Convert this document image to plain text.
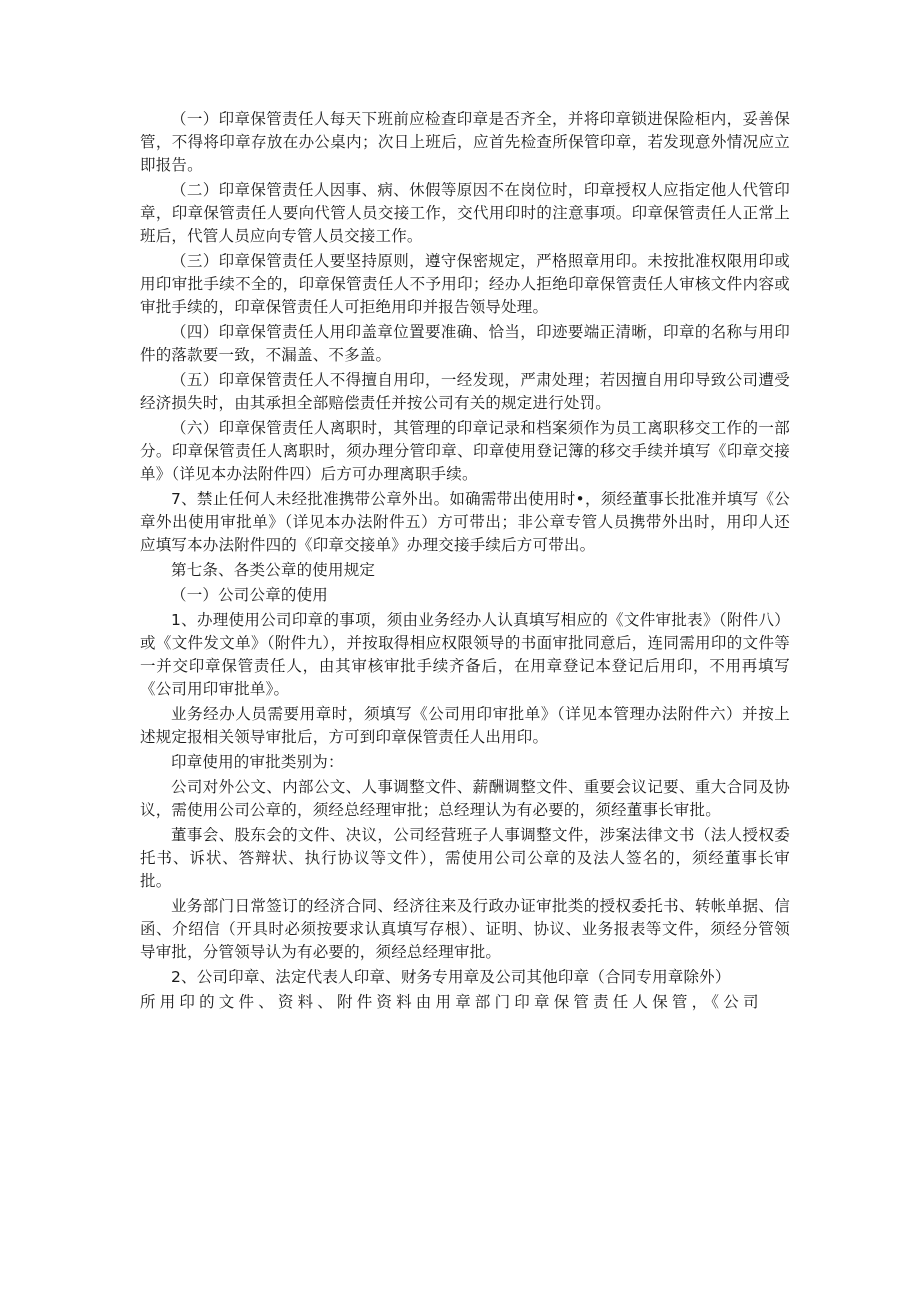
（一）印章保管责任人每天下班前应检查印章是否齐全，并将印章锁进保险柜内，妥善保管，不得将印章存放在办公桌内；次日上班后，应首先检查所保管印章，若发现意外情况应立即报告。

（二）印章保管责任人因事、病、休假等原因不在岗位时，印章授权人应指定他人代管印章，印章保管责任人要向代管人员交接工作，交代用印时的注意事项。印章保管责任人正常上班后，代管人员应向专管人员交接工作。

（三）印章保管责任人要坚持原则，遵守保密规定，严格照章用印。未按批准权限用印或用印审批手续不全的，印章保管责任人不予用印；经办人拒绝印章保管责任人审核文件内容或审批手续的，印章保管责任人可拒绝用印并报告领导处理。

（四）印章保管责任人用印盖章位置要准确、恰当，印迹要端正清晰，印章的名称与用印件的落款要一致，不漏盖、不多盖。

（五）印章保管责任人不得擅自用印，一经发现，严肃处理；若因擅自用印导致公司遭受经济损失时，由其承担全部赔偿责任并按公司有关的规定进行处罚。

（六）印章保管责任人离职时，其管理的印章记录和档案须作为员工离职移交工作的一部分。印章保管责任人离职时，须办理分管印章、印章使用登记簿的移交手续并填写《印章交接单》（详见本办法附件四）后方可办理离职手续。

7、禁止任何人未经批准携带公章外出。如确需带出使用时•，须经董事长批准并填写《公章外出使用审批单》（详见本办法附件五）方可带出；非公章专管人员携带外出时，用印人还应填写本办法附件四的《印章交接单》办理交接手续后方可带出。

第七条、各类公章的使用规定

（一）公司公章的使用

1、办理使用公司印章的事项，须由业务经办人认真填写相应的《文件审批表》（附件八）或《文件发文单》（附件九），并按取得相应权限领导的书面审批同意后，连同需用印的文件等一并交印章保管责任人，由其审核审批手续齐备后，在用章登记本登记后用印，不用再填写《公司用印审批单》。

业务经办人员需要用章时，须填写《公司用印审批单》（详见本管理办法附件六）并按上述规定报相关领导审批后，方可到印章保管责任人出用印。

印章使用的审批类别为：

公司对外公文、内部公文、人事调整文件、薪酬调整文件、重要会议记要、重大合同及协议，需使用公司公章的，须经总经理审批；总经理认为有必要的，须经董事长审批。

董事会、股东会的文件、决议，公司经营班子人事调整文件，涉案法律文书（法人授权委托书、诉状、答辩状、执行协议等文件），需使用公司公章的及法人签名的，须经董事长审批。

业务部门日常签订的经济合同、经济往来及行政办证审批类的授权委托书、转帐单据、信函、介绍信（开具时必须按要求认真填写存根）、证明、协议、业务报表等文件，须经分管领导审批，分管领导认为有必要的，须经总经理审批。

2、公司印章、法定代表人印章、财务专用章及公司其他印章（合同专用章除外）

所用印的文件、资料、附件资料由用章部门印章保管责任人保管，《公司
